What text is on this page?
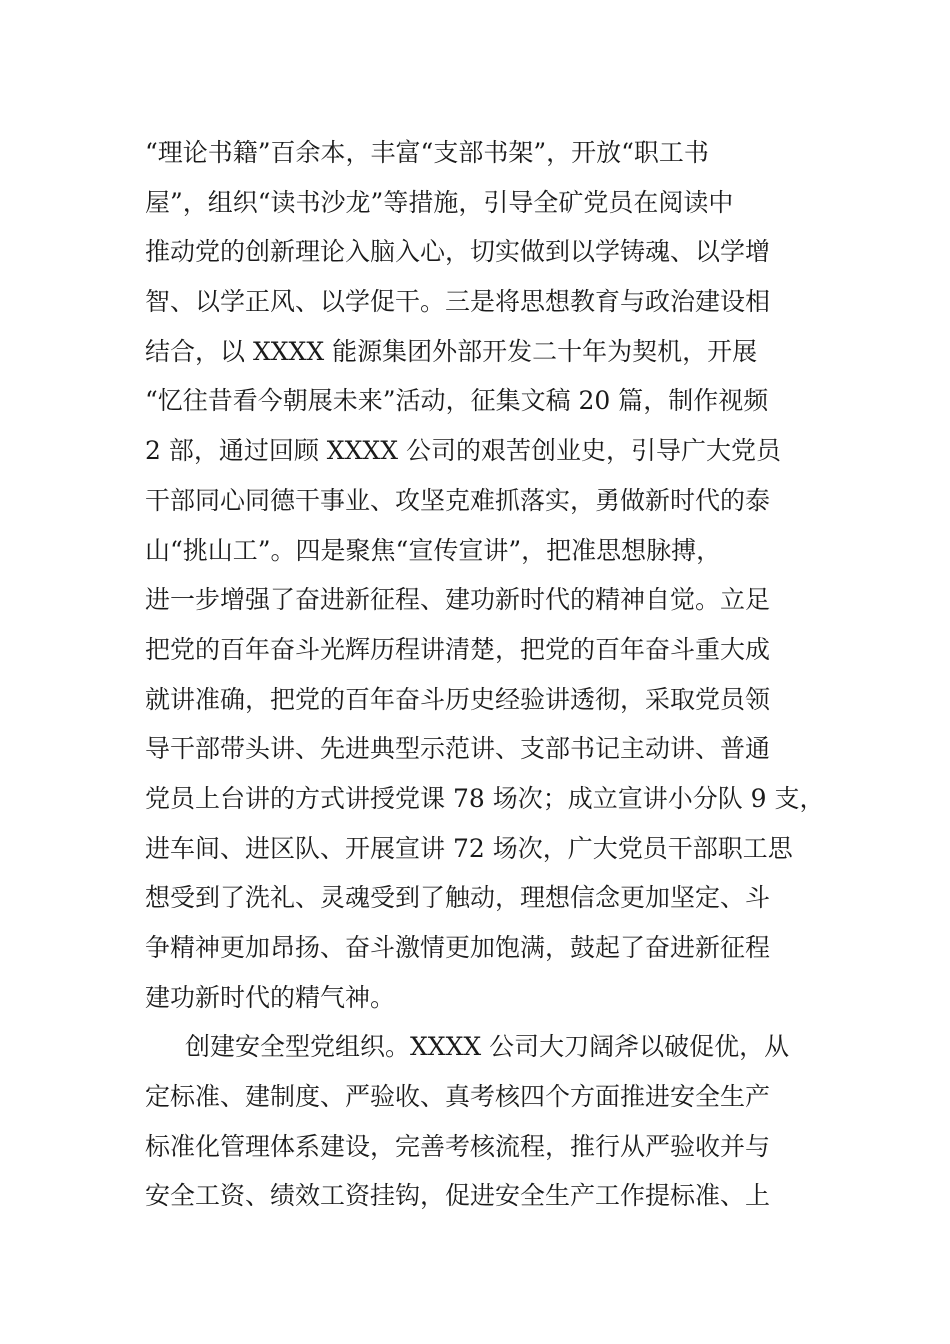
“理论书籍”百余本，丰富“支部书架”，开放“职工书
屋”，组织“读书沙龙”等措施，引导全矿党员在阅读中
推动党的创新理论入脑入心，切实做到以学铸魂、以学增
智、以学正风、以学促干。三是将思想教育与政治建设相
结合，以 XXXX 能源集团外部开发二十年为契机，开展
“忆往昔看今朝展未来”活动，征集文稿 20 篇，制作视频
2 部，通过回顾 XXXX 公司的艰苦创业史，引导广大党员
干部同心同德干事业、攻坚克难抓落实，勇做新时代的泰
山“挑山工”。四是聚焦“宣传宣讲”，把准思想脉搏，
进一步增强了奋进新征程、建功新时代的精神自觉。立足
把党的百年奋斗光辉历程讲清楚，把党的百年奋斗重大成
就讲准确，把党的百年奋斗历史经验讲透彻，采取党员领
导干部带头讲、先进典型示范讲、支部书记主动讲、普通
党员上台讲的方式讲授党课 78 场次；成立宣讲小分队 9 支，
进车间、进区队、开展宣讲 72 场次，广大党员干部职工思
想受到了洗礼、灵魂受到了触动，理想信念更加坚定、斗
争精神更加昂扬、奋斗激情更加饱满，鼓起了奋进新征程
建功新时代的精气神。
创建安全型党组织。XXXX 公司大刀阔斧以破促优，从
定标准、建制度、严验收、真考核四个方面推进安全生产
标准化管理体系建设，完善考核流程，推行从严验收并与
安全工资、绩效工资挂钩，促进安全生产工作提标准、上
